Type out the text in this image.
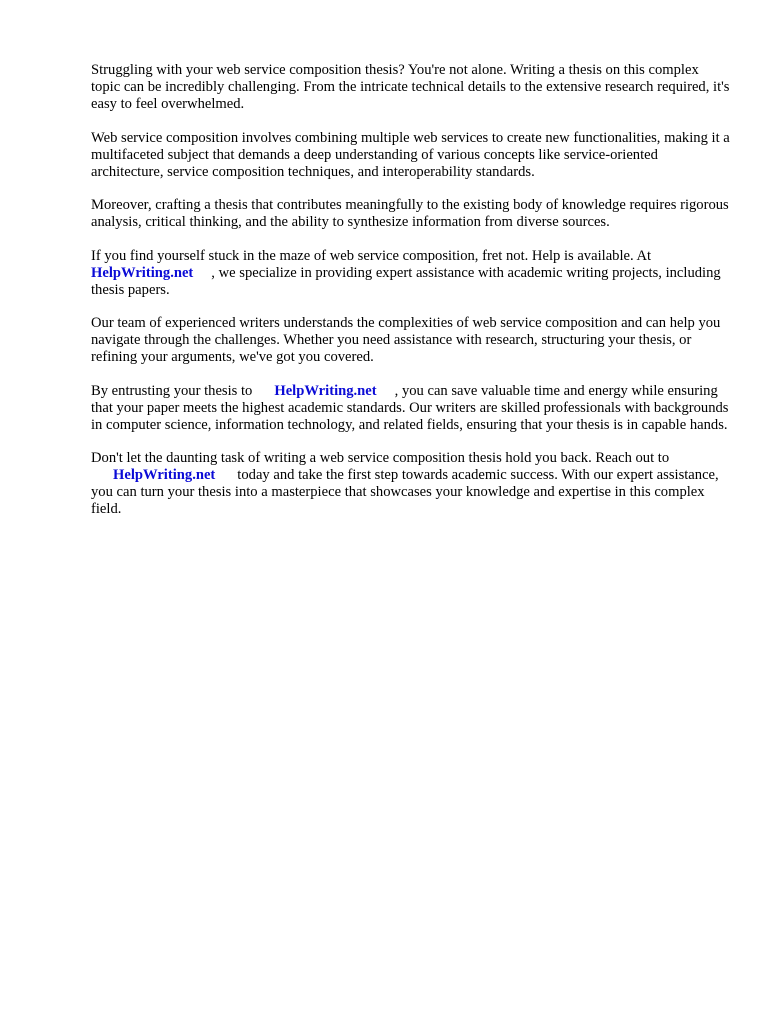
Struggling with your web service composition thesis? You're not alone. Writing a thesis on this complex topic can be incredibly challenging. From the intricate technical details to the extensive research required, it's easy to feel overwhelmed.

Web service composition involves combining multiple web services to create new functionalities, making it a multifaceted subject that demands a deep understanding of various concepts like service-oriented architecture, service composition techniques, and interoperability standards.

Moreover, crafting a thesis that contributes meaningfully to the existing body of knowledge requires rigorous analysis, critical thinking, and the ability to synthesize information from diverse sources.

If you find yourself stuck in the maze of web service composition, fret not. Help is available. At
HelpWriting.net , we specialize in providing expert assistance with academic writing projects, including thesis papers.

Our team of experienced writers understands the complexities of web service composition and can help you navigate through the challenges. Whether you need assistance with research, structuring your thesis, or refining your arguments, we've got you covered.

By entrusting your thesis to HelpWriting.net , you can save valuable time and energy while ensuring that your paper meets the highest academic standards. Our writers are skilled professionals with backgrounds in computer science, information technology, and related fields, ensuring that your thesis is in capable hands.

Don't let the daunting task of writing a web service composition thesis hold you back. Reach out to
HelpWriting.net today and take the first step towards academic success. With our expert assistance, you can turn your thesis into a masterpiece that showcases your knowledge and expertise in this complex field.
